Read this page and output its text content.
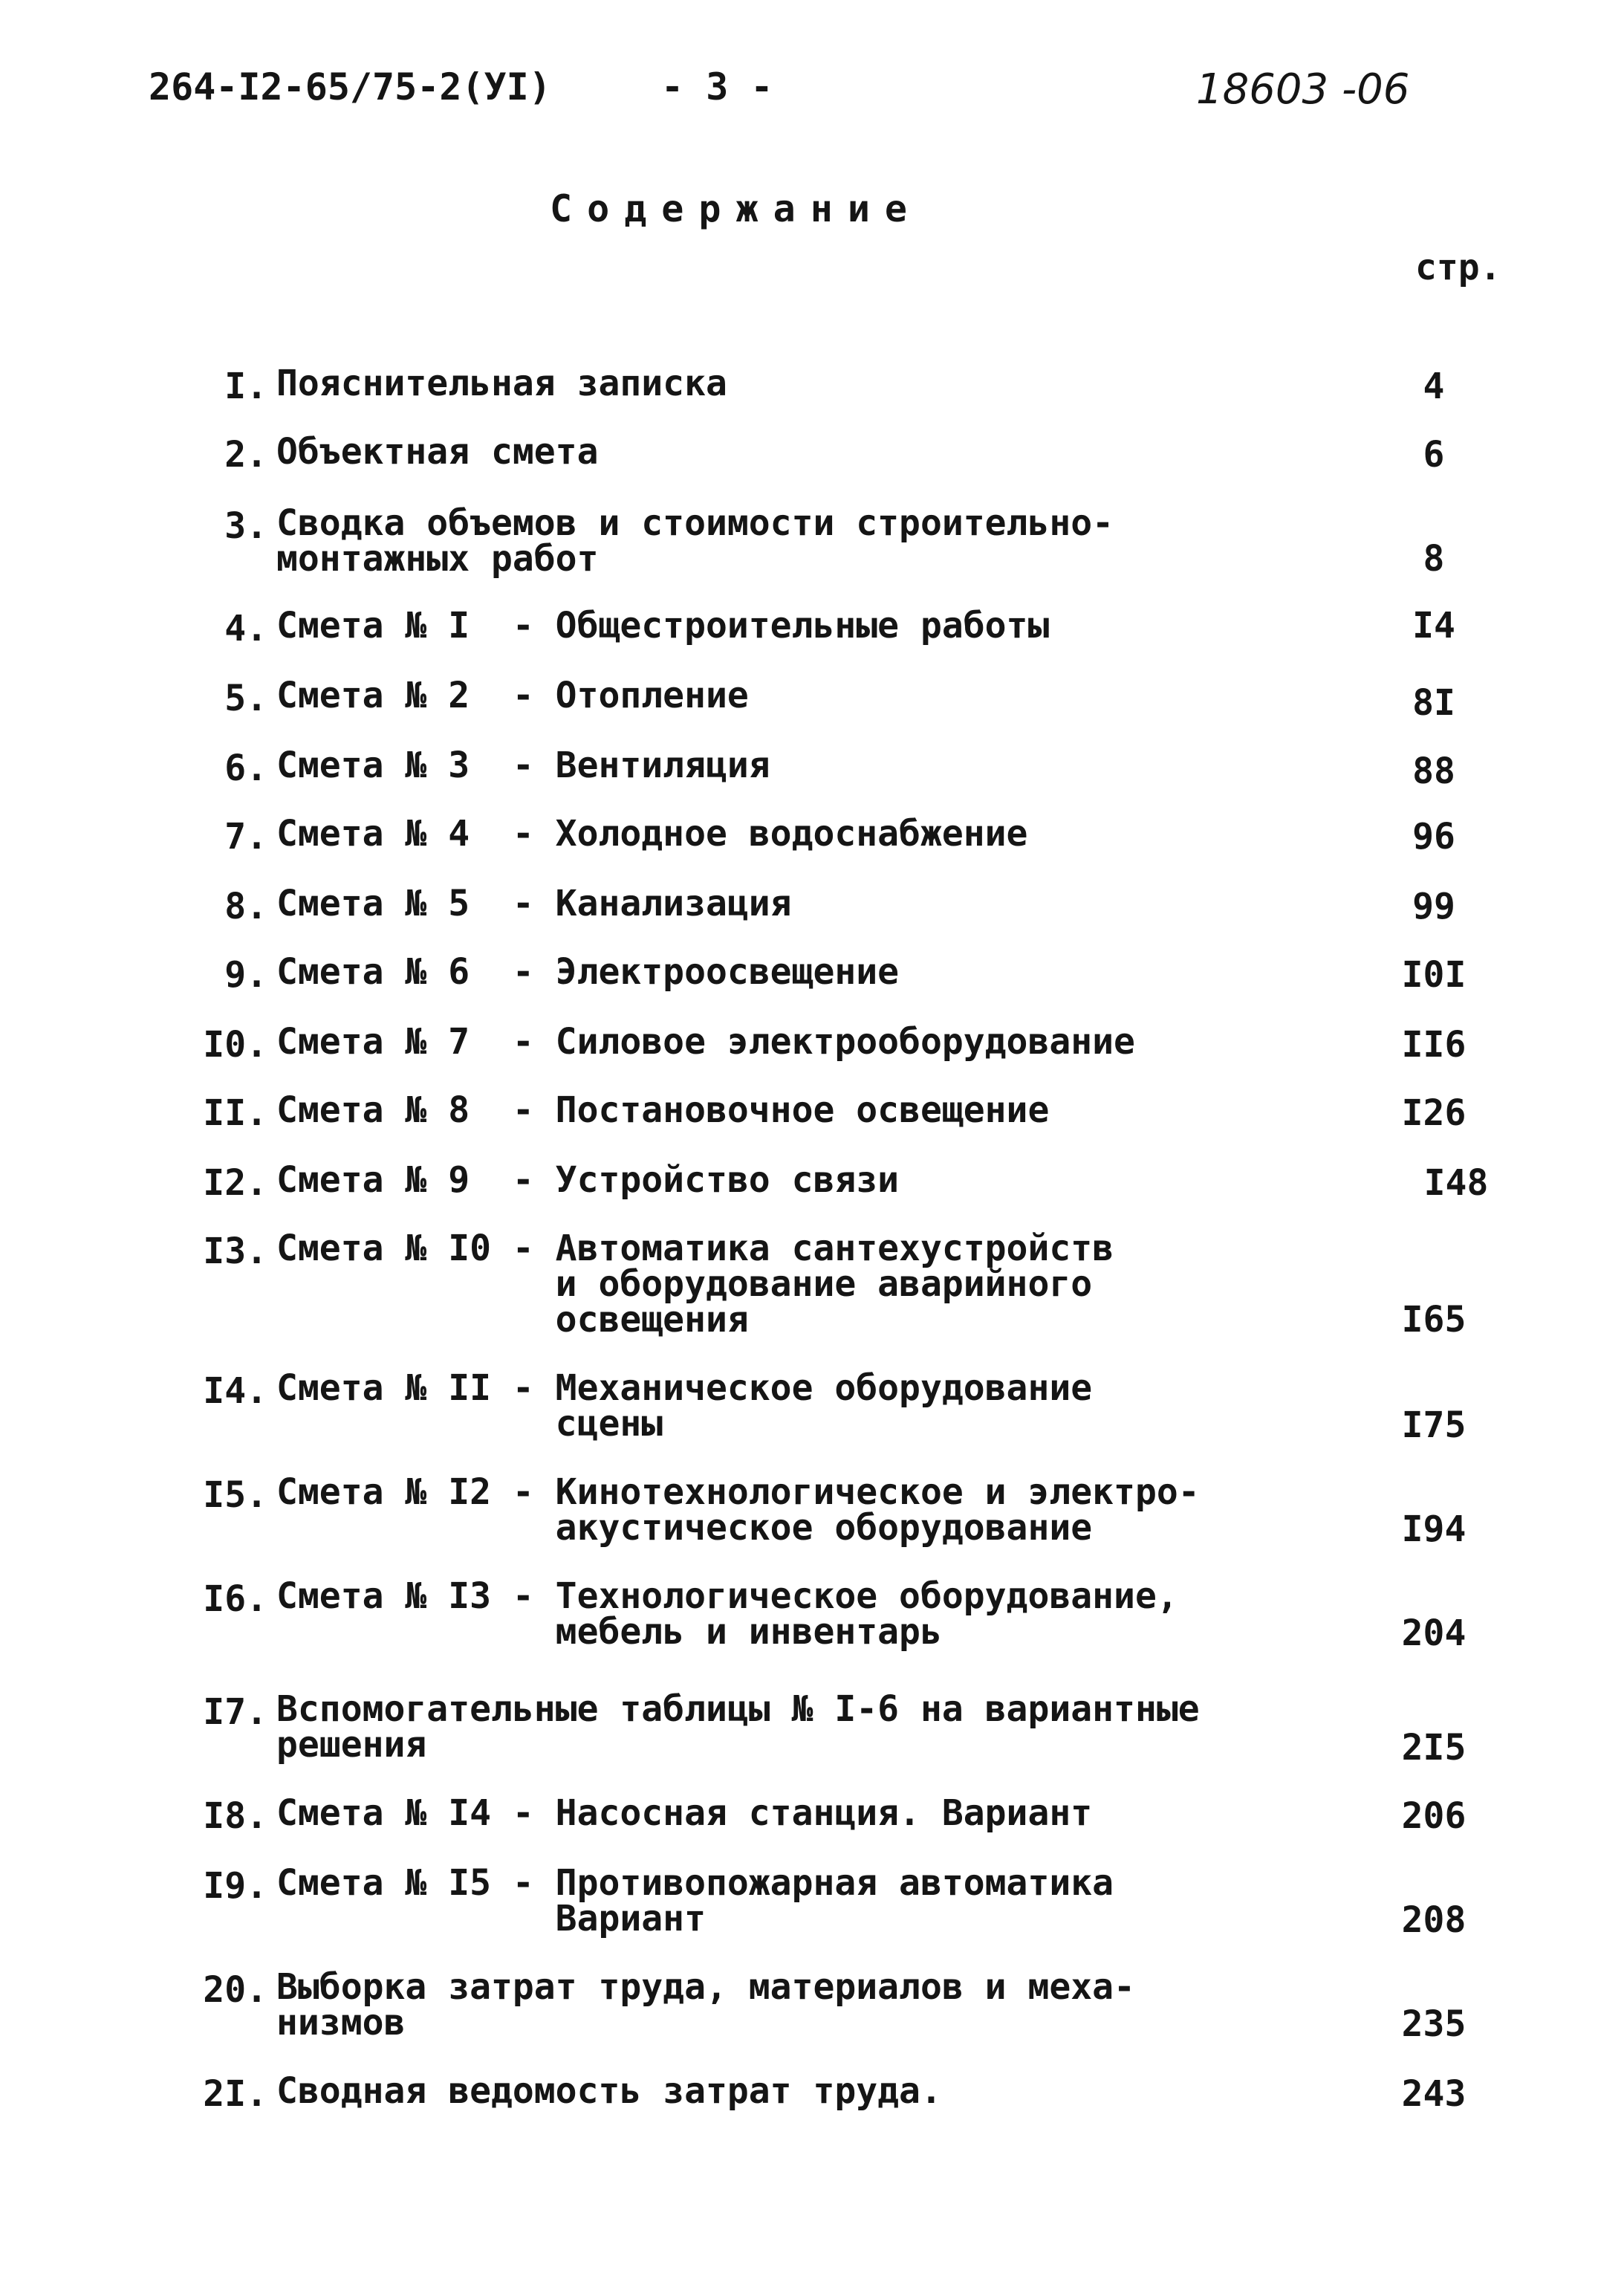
264-I2-65/75-2(УI)	- 3 -	18603 -06
Содержание
стр.
I. Пояснительная записка	4
2. Объектная смета	6
3. Сводка объемов и стоимости строительно-
монтажных работ	8
4. Смета № I  - Общестроительные работы	I4
5. Смета № 2  - Отопление	8I
6. Смета № 3  - Вентиляция	88
7. Смета № 4  - Холодное водоснабжение	96
8. Смета № 5  - Канализация	99
9. Смета № 6  - Электроосвещение	I0I
I0. Смета № 7  - Силовое электрооборудование	II6
II. Смета № 8  - Постановочное освещение	I26
I2. Смета № 9  - Устройство связи	I48
I3. Смета № I0 - Автоматика сантехустройств
и оборудование аварийного
освещения	I65
I4. Смета № II - Механическое оборудование
сцены	I75
I5. Смета № I2 - Кинотехнологическое и электро-
акустическое оборудование	I94
I6. Смета № I3 - Технологическое оборудование,
мебель и инвентарь	204
I7. Вспомогательные таблицы № I-6 на вариантные
решения	2I5
I8. Смета № I4 - Насосная станция. Вариант	206
I9. Смета № I5 - Противопожарная автоматика
Вариант	208
20. Выборка затрат труда, материалов и меха-
низмов	235
2I. Сводная ведомость затрат труда.	243
